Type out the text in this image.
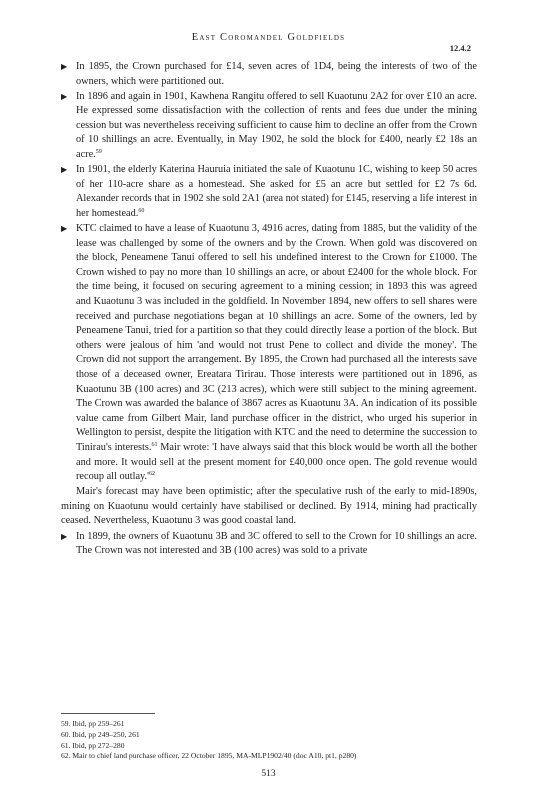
East Coromandel Goldfields
12.4.2
▶ In 1895, the Crown purchased for £14, seven acres of 1D4, being the interests of two of the owners, which were partitioned out.

▶ In 1896 and again in 1901, Kawhena Rangitu offered to sell Kuaotunu 2A2 for over £10 an acre. He expressed some dissatisfaction with the collection of rents and fees due under the mining cession but was nevertheless receiving sufficient to cause him to decline an offer from the Crown of 10 shillings an acre. Eventually, in May 1902, he sold the block for £400, nearly £2 18s an acre.$^{59}$

▶ In 1901, the elderly Katerina Hauruia initiated the sale of Kuaotunu 1C, wishing to keep 50 acres of her 110-acre share as a homestead. She asked for £5 an acre but settled for £2 7s 6d. Alexander records that in 1902 she sold 2A1 (area not stated) for £145, reserving a life interest in her homestead.$^{60}$

▶ KTC claimed to have a lease of Kuaotunu 3, 4916 acres, dating from 1885, but the validity of the lease was challenged by some of the owners and by the Crown. When gold was discovered on the block, Peneamene Tanui offered to sell his undefined interest to the Crown for £1000. The Crown wished to pay no more than 10 shillings an acre, or about £2400 for the whole block. For the time being, it focused on securing agreement to a mining cession; in 1893 this was agreed and Kuaotunu 3 was included in the goldfield. In November 1894, new offers to sell shares were received and purchase negotiations began at 10 shillings an acre. Some of the owners, led by Peneamene Tanui, tried for a partition so that they could directly lease a portion of the block. But others were jealous of him 'and would not trust Pene to collect and divide the money'. The Crown did not support the arrangement. By 1895, the Crown had purchased all the interests save those of a deceased owner, Ereatara Tirirau. Those interests were partitioned out in 1896, as Kuaotunu 3B (100 acres) and 3C (213 acres), which were still subject to the mining agreement. The Crown was awarded the balance of 3867 acres as Kuaotunu 3A. An indication of its possible value came from Gilbert Mair, land purchase officer in the district, who urged his superior in Wellington to persist, despite the litigation with KTC and the need to determine the succession to Tinirau's interests.$^{61}$ Mair wrote: 'I have always said that this block would be worth all the bother and more. It would sell at the present moment for £40,000 once open. The gold revenue would recoup all $outlay.'^{62}$

Mair's forecast may have been optimistic; after the speculative rush of the early to mid-1890s, mining on Kuaotunu would certainly have stabilised or declined. By 1914, mining had practically ceased. Nevertheless, Kuaotunu 3 was good coastal land.

▶ In 1899, the owners of Kuaotunu 3B and 3C offered to sell to the Crown for 10 shillings an acre. The Crown was not interested and 3B (100 acres) was sold to a private

59. Ibid, pp 259–261
60. Ibid, pp 249–250, 261
61. Ibid, pp 272–280
62. Mair to chief land purchase officer, 22 October 1895, MA-MLP1902/40 (doc A10, pt1, p280)
513
